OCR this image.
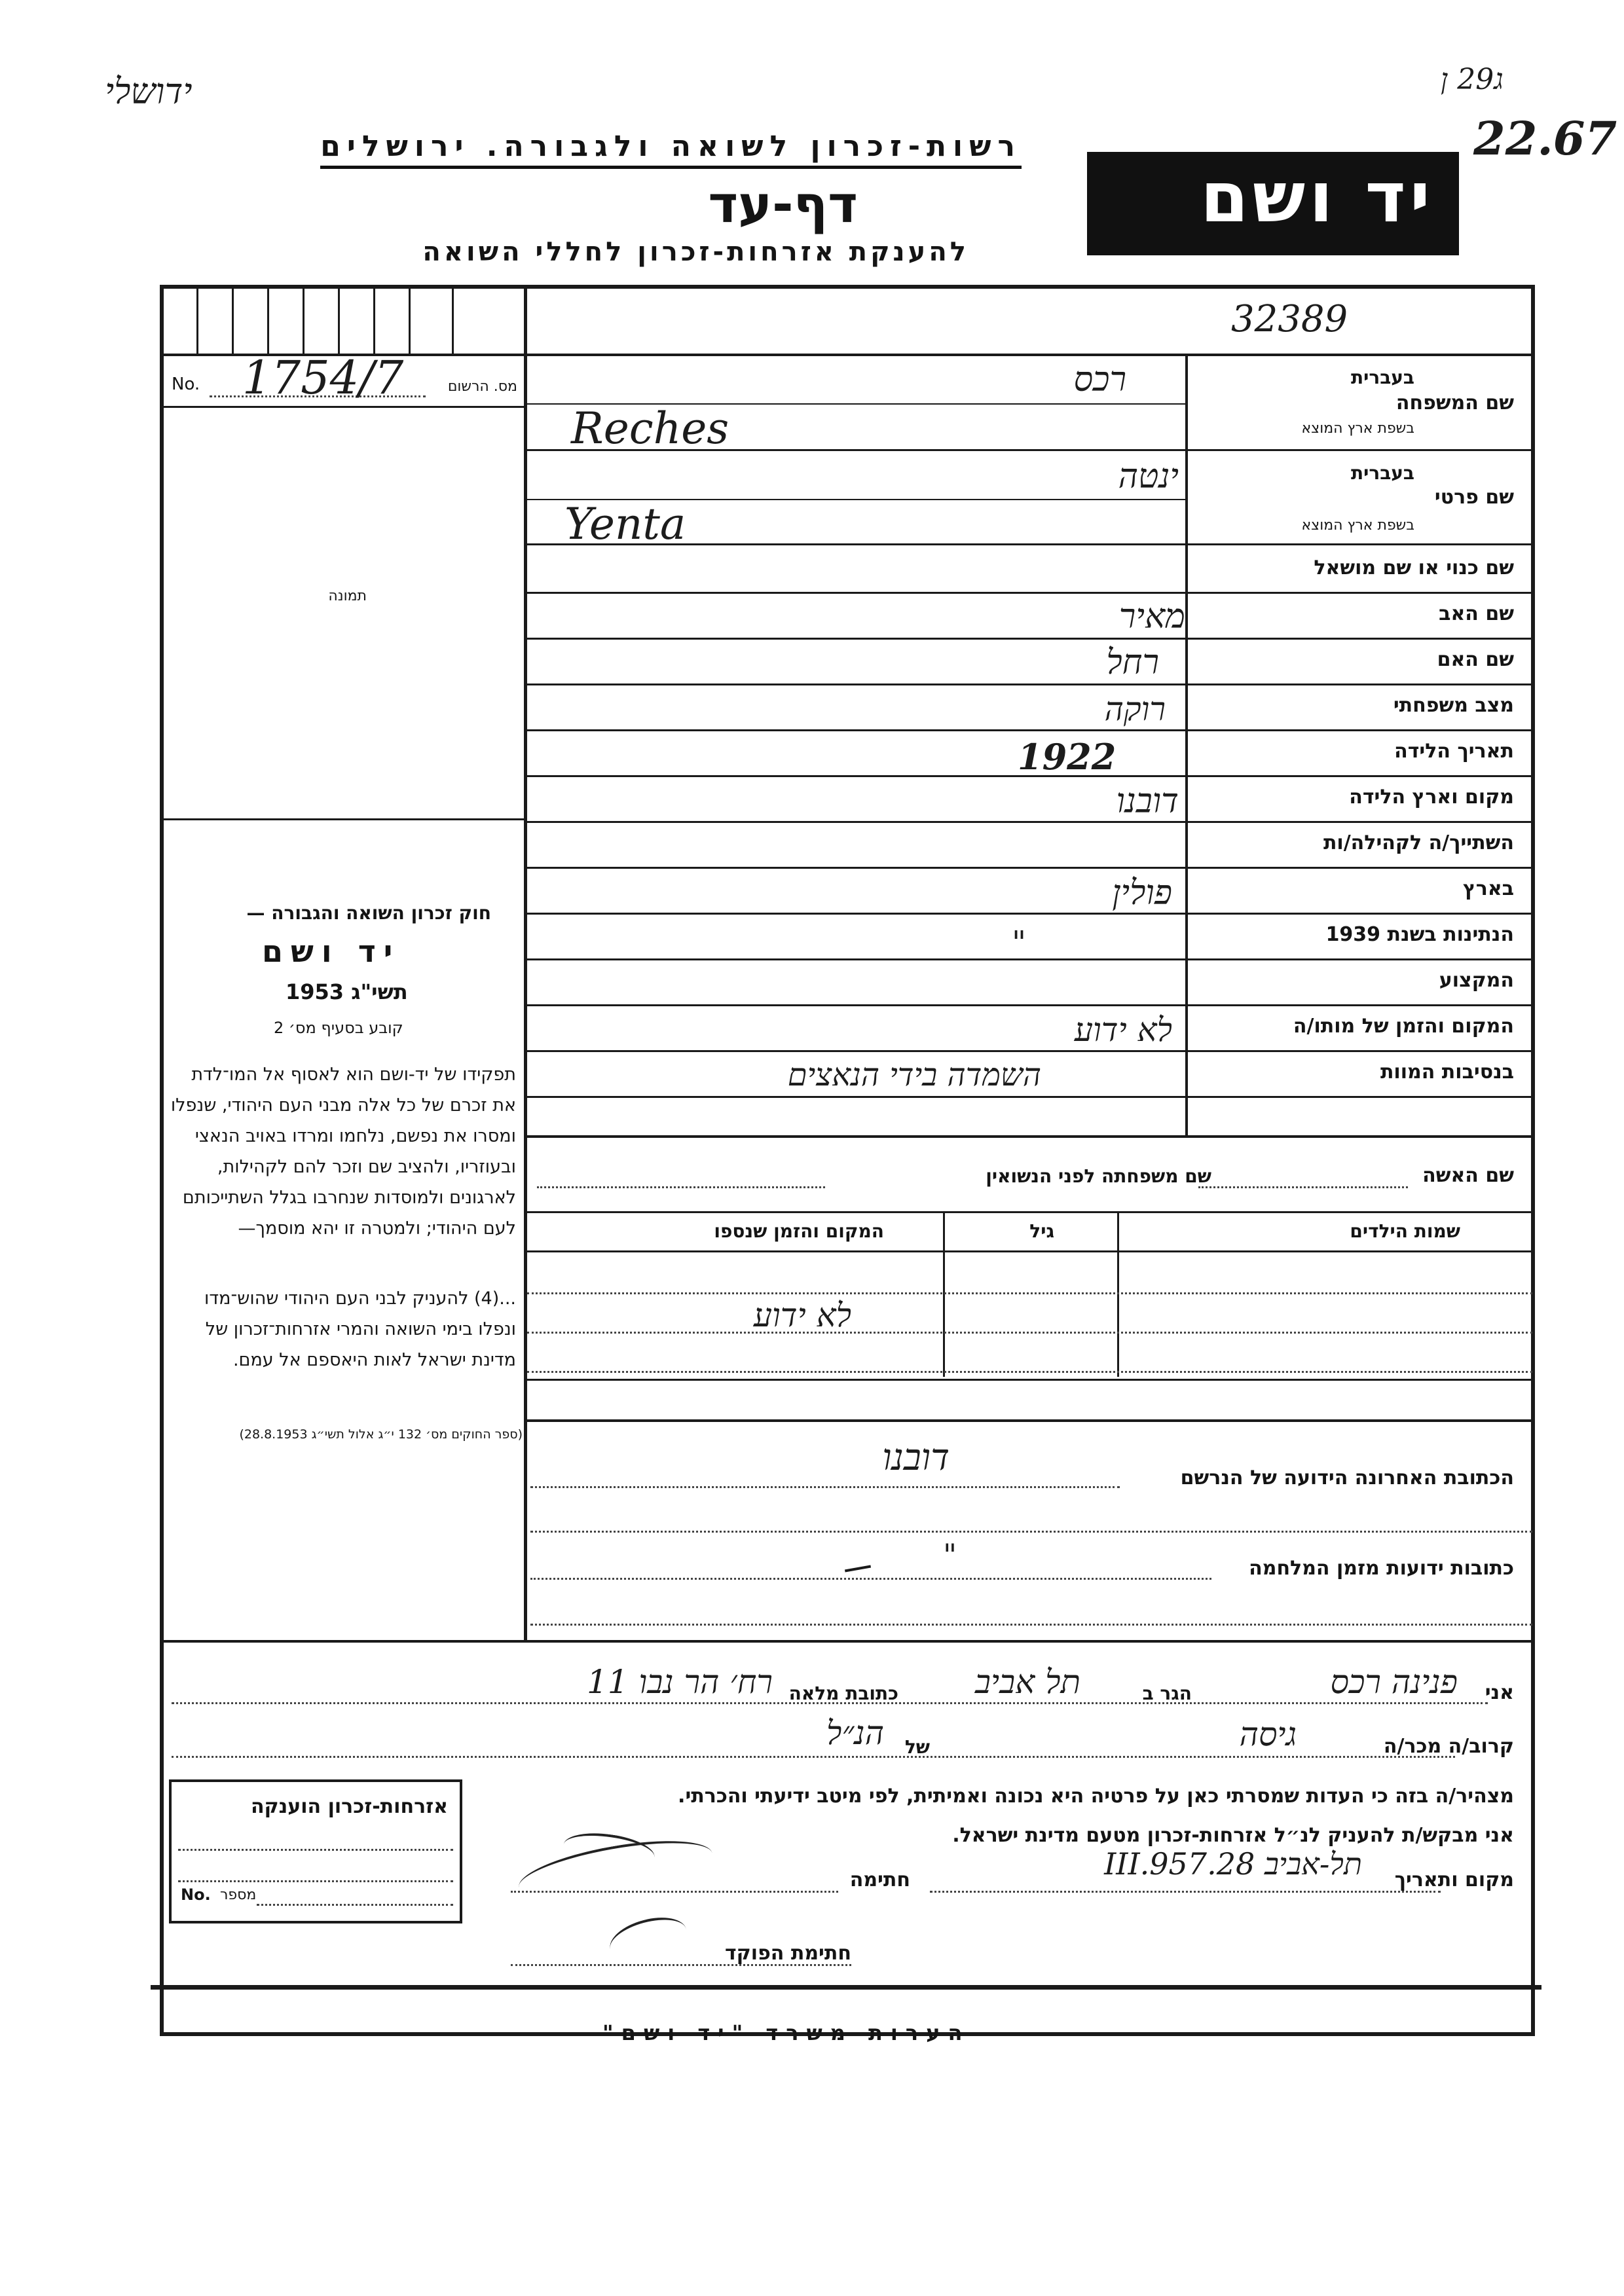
ידושלי	ג29 ן
22.67
רשות-זכרון לשואה ולגבורה. ירושלים
דף-עד
להענקת אזרחות-זכרון לחללי השואה
יד ושם
32389
מס. הרשום
No. 1754/7
תמונה
חוק זכרון השואה והגבורה —
יד ושם
תשי"ג 1953
קובע בסעיף מס׳ 2
תפקידו של יד-ושם הוא לאסוף אל המו־לדת את זכרם של כל אלה מבני העם היהודי, שנפלו ומסרו את נפשם, נלחמו ומרדו באויב הנאצי ובעוזריו, ולהציב שם וזכר להם לקהילות, לארגונים ולמוסדות שנחרבו בגלל השתייכותם לעם היהודי; ולמטרה זו יהא מוסמך—
...(4) להעניק לבני העם היהודי שהוש־מדו ונפלו בימי השואה והמרי אזרחות־זכרון של מדינת ישראל לאות היאספם אל עמם.
(ספר החוקים מס׳ 132 י״ג אלול תשי״ג 28.8.1953)
שם המשפחה
בעברית
בשפת ארץ המוצא
רכס
Reches
שם פרטי
בעברית
בשפת ארץ המוצא
ינטה
Yenta
שם כנוי או שם מושאל
שם האב
מאיר
שם האם
רחל
מצב משפחתי
רוקה
תאריך הלידה
1922
מקום וארץ הלידה
דובנו
השתייך/ה לקהילה/ות
בארץ
פולין
הנתינות בשנת 1939
"
המקצוע
המקום והזמן של מותו/ה
לא ידוע
בנסיבות המוות
השמדה בידי הנאצים
שם האשה
שם משפחתה לפני הנשואין
שמות הילדים
גיל
המקום והזמן שנספו
לא ידוע
הכתובת האחרונה הידועה של הנרשם
דובנו
כתובות ידועות מזמן המלחמה
"
אני
פנינה רכס
הגר ב
תל אביב
כתובת מלאה
רח׳ הר נבו 11
קרוב/ה מכר/ה
גיסה
של
הנ״ל
מצהיר/ה בזה כי העדות שמסרתי כאן על פרטיה היא נכונה ואמיתית, לפי מיטב ידיעתי והכרתי.
אני מבקש/ת להעניק לנ״ל אזרחות-זכרון מטעם מדינת ישראל.
מקום ותאריך
תל-אביב 28.III.957
חתימה
חתימת הפוקד
אזרחות-זכרון הוענקה
No. מספר
הערות משרד "יד ושם"
